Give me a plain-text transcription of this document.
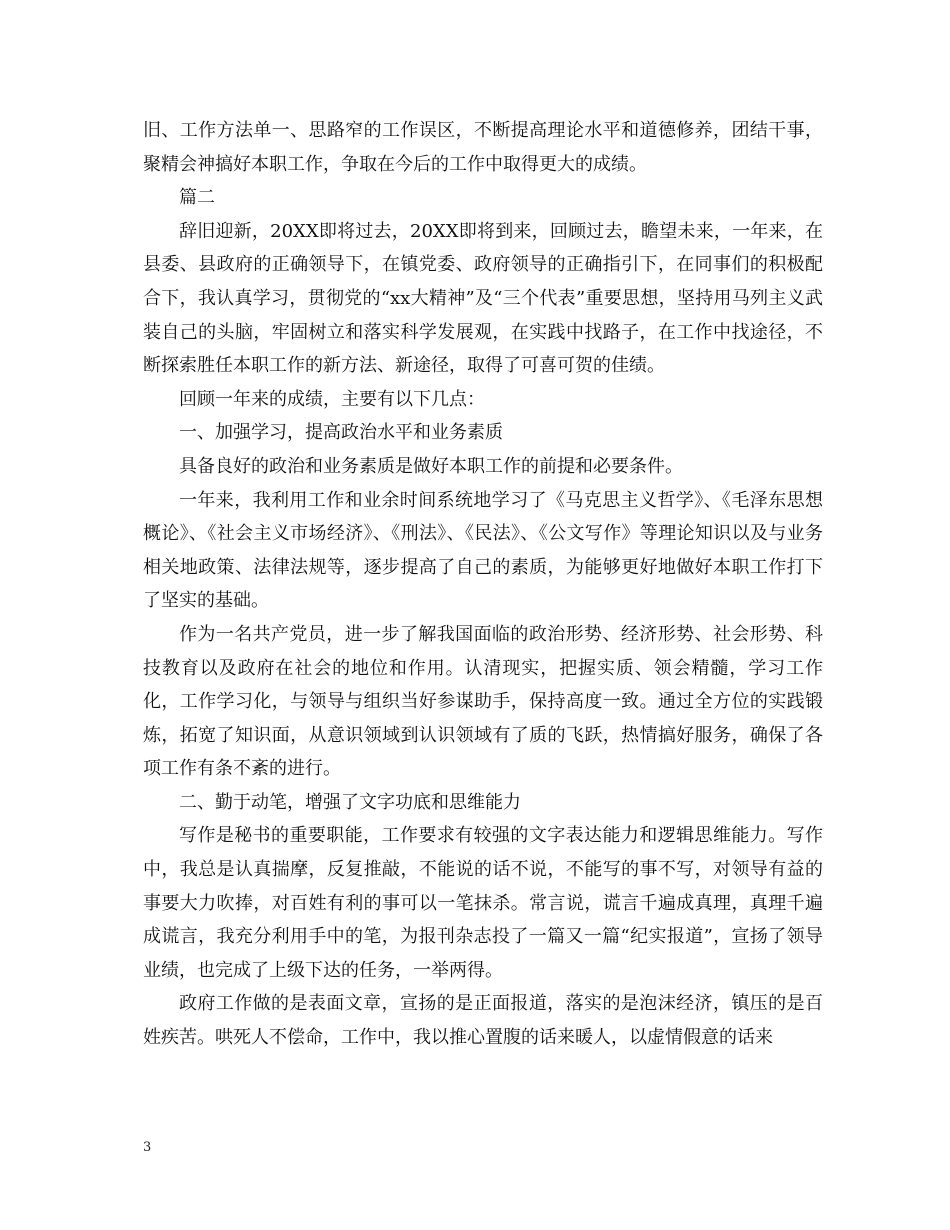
旧、工作方法单一、思路窄的工作误区，不断提高理论水平和道德修养，团结干事，聚精会神搞好本职工作，争取在今后的工作中取得更大的成绩。

篇二

辞旧迎新，20XX即将过去，20XX即将到来，回顾过去，瞻望未来，一年来，在县委、县政府的正确领导下，在镇党委、政府领导的正确指引下，在同事们的积极配合下，我认真学习，贯彻党的“xx大精神”及“三个代表”重要思想，坚持用马列主义武装自己的头脑，牢固树立和落实科学发展观，在实践中找路子，在工作中找途径，不断探索胜任本职工作的新方法、新途径，取得了可喜可贺的佳绩。

回顾一年来的成绩，主要有以下几点：

一、加强学习，提高政治水平和业务素质

具备良好的政治和业务素质是做好本职工作的前提和必要条件。

一年来，我利用工作和业余时间系统地学习了《马克思主义哲学》、《毛泽东思想概论》、《社会主义市场经济》、《刑法》、《民法》、《公文写作》等理论知识以及与业务相关地政策、法律法规等，逐步提高了自己的素质，为能够更好地做好本职工作打下了坚实的基础。

作为一名共产党员，进一步了解我国面临的政治形势、经济形势、社会形势、科技教育以及政府在社会的地位和作用。认清现实，把握实质、领会精髓，学习工作化，工作学习化，与领导与组织当好参谋助手，保持高度一致。通过全方位的实践锻炼，拓宽了知识面，从意识领域到认识领域有了质的飞跃，热情搞好服务，确保了各项工作有条不紊的进行。

二、勤于动笔，增强了文字功底和思维能力

写作是秘书的重要职能，工作要求有较强的文字表达能力和逻辑思维能力。写作中，我总是认真揣摩，反复推敲，不能说的话不说，不能写的事不写，对领导有益的事要大力吹捧，对百姓有利的事可以一笔抹杀。常言说，谎言千遍成真理，真理千遍成谎言，我充分利用手中的笔，为报刊杂志投了一篇又一篇“纪实报道”，宣扬了领导业绩，也完成了上级下达的任务，一举两得。

政府工作做的是表面文章，宣扬的是正面报道，落实的是泡沫经济，镇压的是百姓疾苦。哄死人不偿命，工作中，我以推心置腹的话来暖人，以虚情假意的话来

3
